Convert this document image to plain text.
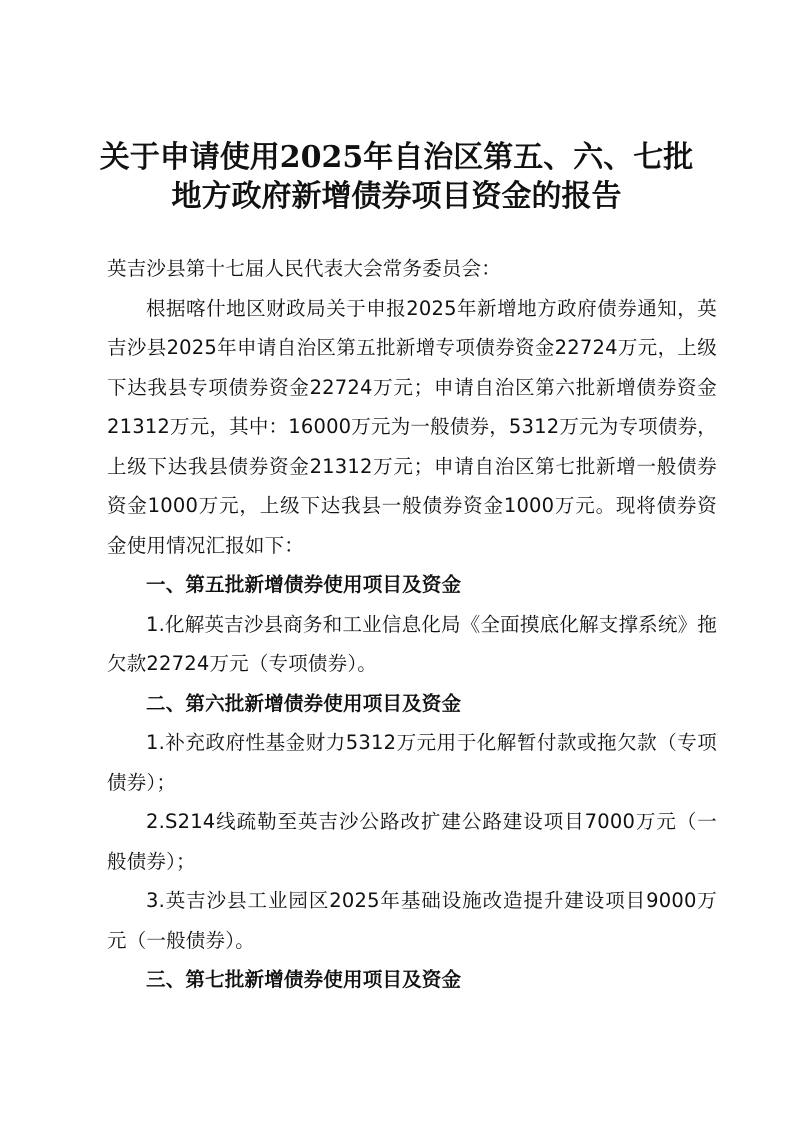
关于申请使用2025年自治区第五、六、七批
地方政府新增债券项目资金的报告

英吉沙县第十七届人民代表大会常务委员会：

根据喀什地区财政局关于申报2025年新增地方政府债券通知，英吉沙县2025年申请自治区第五批新增专项债券资金22724万元，上级下达我县专项债券资金22724万元；申请自治区第六批新增债券资金21312万元，其中：16000万元为一般债券，5312万元为专项债券，上级下达我县债券资金21312万元；申请自治区第七批新增一般债券资金1000万元，上级下达我县一般债券资金1000万元。现将债券资金使用情况汇报如下：

一、第五批新增债券使用项目及资金

1.化解英吉沙县商务和工业信息化局《全面摸底化解支撑系统》拖欠款22724万元（专项债券）。

二、第六批新增债券使用项目及资金

1.补充政府性基金财力5312万元用于化解暂付款或拖欠款（专项债券）；

2.S214线疏勒至英吉沙公路改扩建公路建设项目7000万元（一般债券）；

3.英吉沙县工业园区2025年基础设施改造提升建设项目9000万元（一般债券）。

三、第七批新增债券使用项目及资金
